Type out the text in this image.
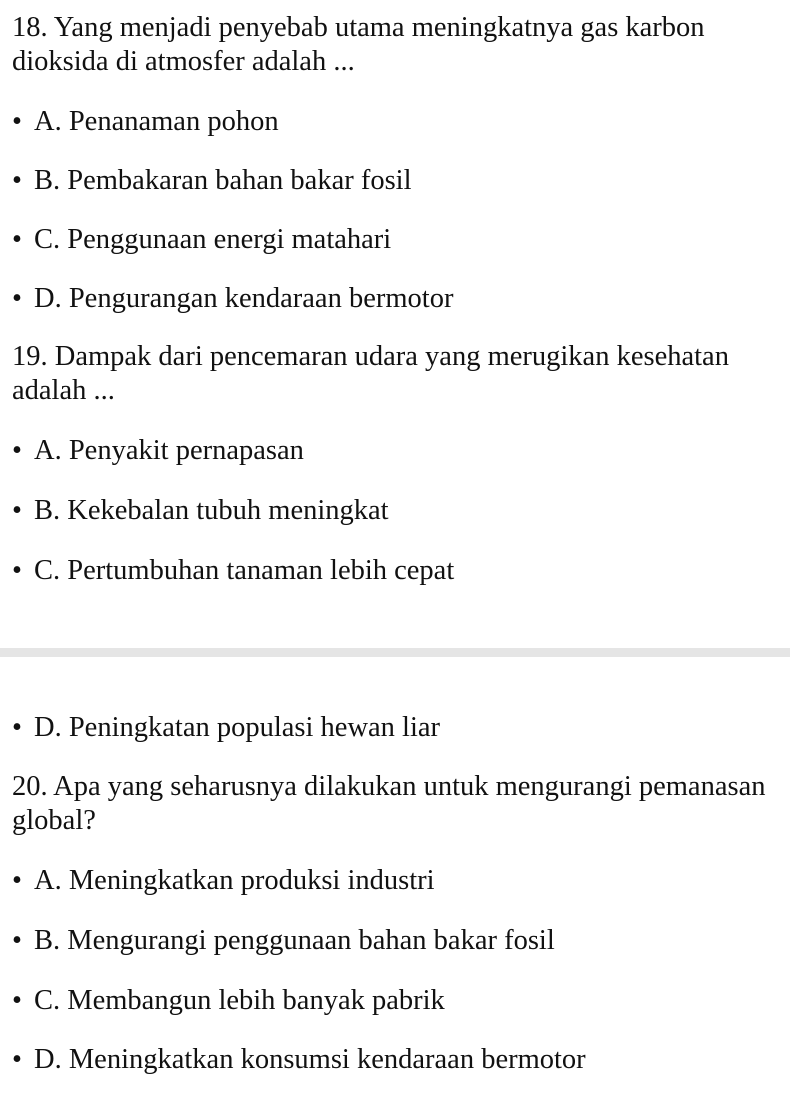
18. Yang menjadi penyebab utama meningkatnya gas karbon dioksida di atmosfer adalah ...

• A. Penanaman pohon
• B. Pembakaran bahan bakar fosil
• C. Penggunaan energi matahari
• D. Pengurangan kendaraan bermotor

19. Dampak dari pencemaran udara yang merugikan kesehatan adalah ...

• A. Penyakit pernapasan
• B. Kekebalan tubuh meningkat
• C. Pertumbuhan tanaman lebih cepat
• D. Peningkatan populasi hewan liar

20. Apa yang seharusnya dilakukan untuk mengurangi pemanasan global?

• A. Meningkatkan produksi industri
• B. Mengurangi penggunaan bahan bakar fosil
• C. Membangun lebih banyak pabrik
• D. Meningkatkan konsumsi kendaraan bermotor
